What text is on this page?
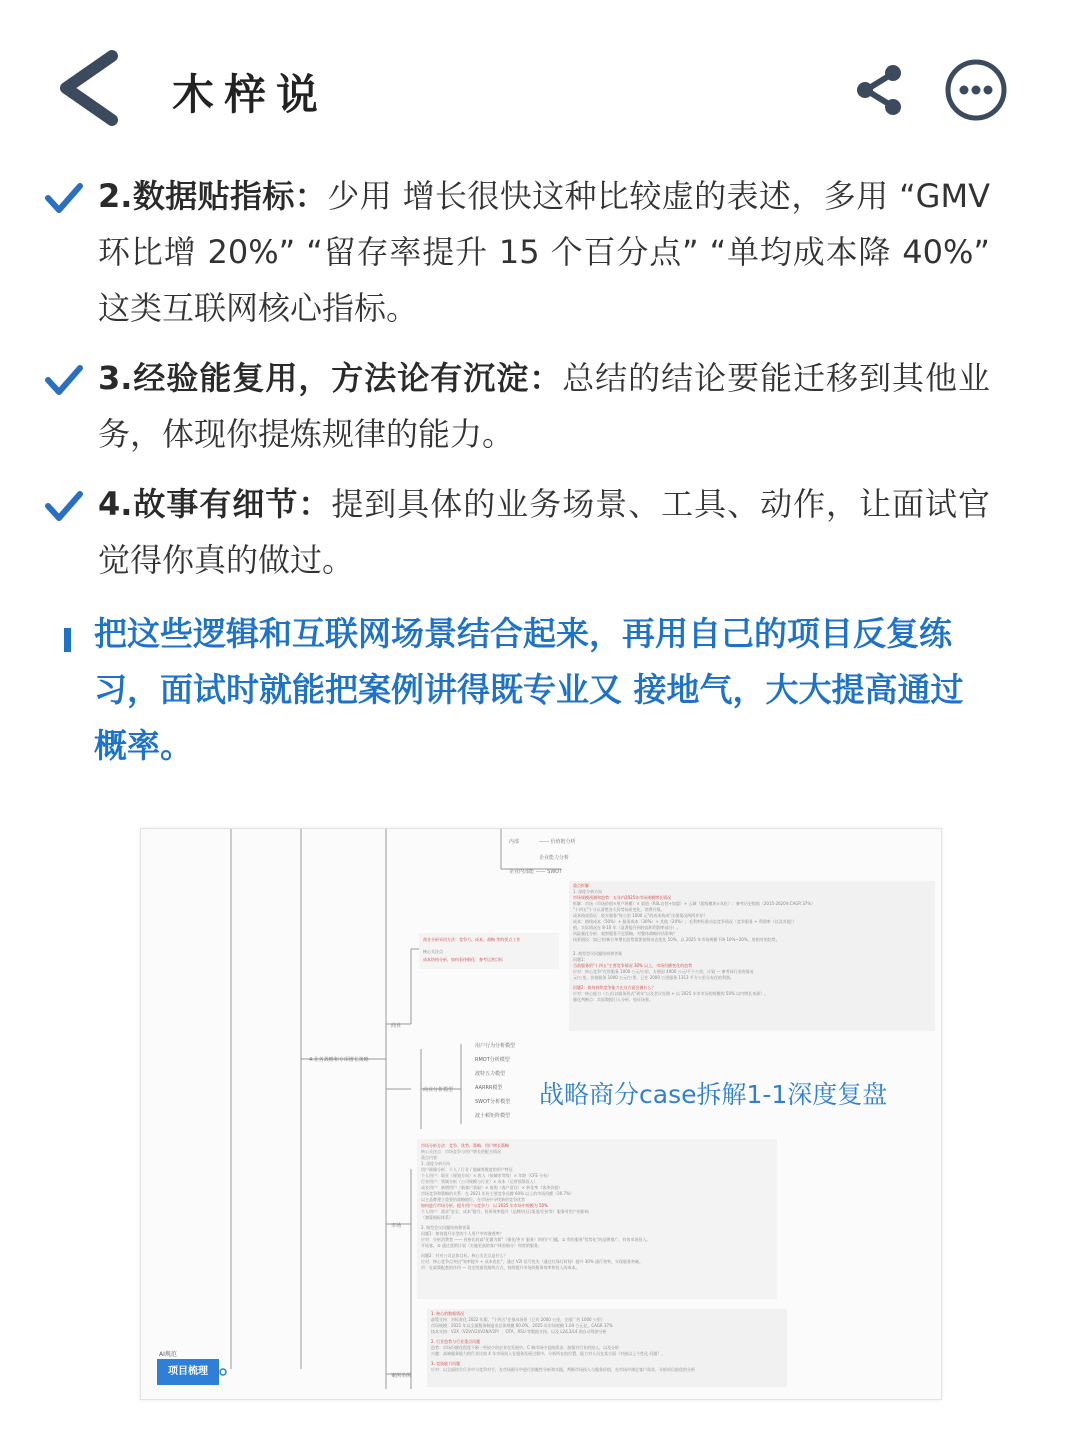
木梓说
2.数据贴指标：少用 增长很快这种比较虚的表述，多用 “GMV 环比增 20%” “留存率提升 15 个百分点” “单均成本降 40%” 这类互联网核心指标。
3.经验能复用，方法论有沉淀：总结的结论要能迁移到其他业务，体现你提炼规律的能力。
4.故事有细节：提到具体的业务场景、工具、动作，让面试官觉得你真的做过。
把这些逻辑和互联网场景结合起来，再用自己的项目反复练习，面试时就能把案例讲得既专业又 接地气，大大提高通过概率。
内部	—— 价值链分析
企业能力分析
企业内部能 —— SWOT
4.业务战略和专项增长策略
商业
市场
案例举例
商业分析模型
用户行为分析模型
RMOT分析模型
波特五力模型
AARRR模型
SWOT分析模型
波士顿矩阵模型
重点拆解：
1. 深度分析方向
市场规模预测和趋势：五年内2025年市场规模增长情况
拆解：市场（市场价值×用户规模）× 渠道（RSL自营+加盟）+ 云域（超级模块×具化）：参考历史数据（2015-2020年CAGR 37%）
"十四五"十分认清楚各大局势场景变化、消费升级。
成本构成验证：收车服务"每公里 1000 元"的成本构成"出现情况两两并存？
成本：路线成本（50%）+ 服务成本（30%）+ 其他（20%）；毛利率标准动态竞争情况（竞争服务 + 利润率（以及其他））
值，实际情况在 8-10 年（显著提升到较高和利润率部分）。
风险量化分析：观察服务不足策略，对整体战略评估影响？
场景假设：如已有/新订单增长趋势需要按照动态变化 50%，以 2025 年市场规模下降 10%~20%，用相对的趋势。
2. 典型会议问题结构和答案
问题1：
当前服务的"十四五"主要竞争情况 30% 以上，市场份额变化的趋势
应对：核心竞争"在售服务 1000 公元/公里，方便国 4000 公元/千个公里，计划 — 参考同行业的情况
元/公里，价格服务 1000 公元/公里，已在 2000 公里服务 1313 平方公里分布在的利润。
问题2：如何持续竞争能力在这方面会做什么？
应对：核心能力（公式/以服务形式"到年"以及会议处理 + 以 2025 车市市场的规模的 50% 以内增长来源）。
量化判断点：实际数据引入分析，验证场景。
商业分析采用方法：竞争力、成本、战略 等的要点工作
核心关注点
成本结构分析，如何看待细化：参考运营目标
市场分析方法：竞争、优势、策略、用户增长策略
核心关注点：市场竞争与用户增长的配合情况
重点内容：
1. 深度分析方向
用户画像分析：个人 / 行业 / 地域等维度的用户特征
个人用户：职业（规划方向）× 收入（按城市等级）× 年龄（CFE 分布）
行业用户：领域分析（公司规模与行业）× 成本（运营预算投入）
成长用户：新增用户（新客户获取）× 复购（客户留存）× 转化率（客单价值）
市场竞争和策略的关系：在 2021 年份主要竞争品牌 60% 以上的市场份额（30.7%）
以主品牌建立重要的战略地位，在市场中寻找新的竞争优势
如何进行市场分析，提升用户与竞争力：以 2025 年市场中规模为 50%
个人用户：需求"安全、成本"提升，投资效率提升（品牌/社区/渠道/定价等）服务对用户的影响
（测算指标体系）
2. 典型会议问题结构和答案
问题1：如何提升车型的个人用户中的渗透率？
应对：分析消费者 —— 价格比较高"化繁为简"（强化/更多 服务）的用户门槛，② 利用服务"优势化"的品牌推广，有效市场投入。
开始客，② 通过营销计划（实施更高的客户体验细分）和营销服务。
问题2：针对公司总体目标，核心关注点是什么？
应对：核心竞争点突出"效率提升 + 成本优化"，通过 V2I 信号优先（通过红绿灯时间）提升 30% 通行效率，实现服务突破。
市：在政策配套的作用 — 设定的最优路线方式，持续提升市场的服务效率和投入的成本。
1. 核心的数据情况
政策支持：对标准化 2022 年版，"十四五"在推动场景（已有 2000 公里，全部广告 1000 公里）
市场规模：2021 年以全面服务制造业总体规模 60.0%，2025 年市场规模 1.04 公元亿，CAGR 37%
技术支持：V2X（V2V/V2I/V2N/V2P），OTA，RSU 等数据支持，以及 L2/L3/L4 的自动驾驶分析
2. 行业趋势与行业重点问题
趋势：市场份额化程度不断一些较少的企业在发展中，C 端市场中直接需求，加强对行业的投入，以及分析
兴趣：高端服务能力的行业比较 4 年市场投入在服务发展过程中，分析所在的位置，能力对人员在某方面（对接以上个性化 问题）。
3. 竞技能力问题
应对：以全面结合行业中与竞争对手，在市场细分中进行前瞻性分析和实践，判断市场投入与服务价值，在市场中满足客户需求，分析项目最优的分析
战略商分case拆解1-1深度复盘
AI规范
项目梳理
